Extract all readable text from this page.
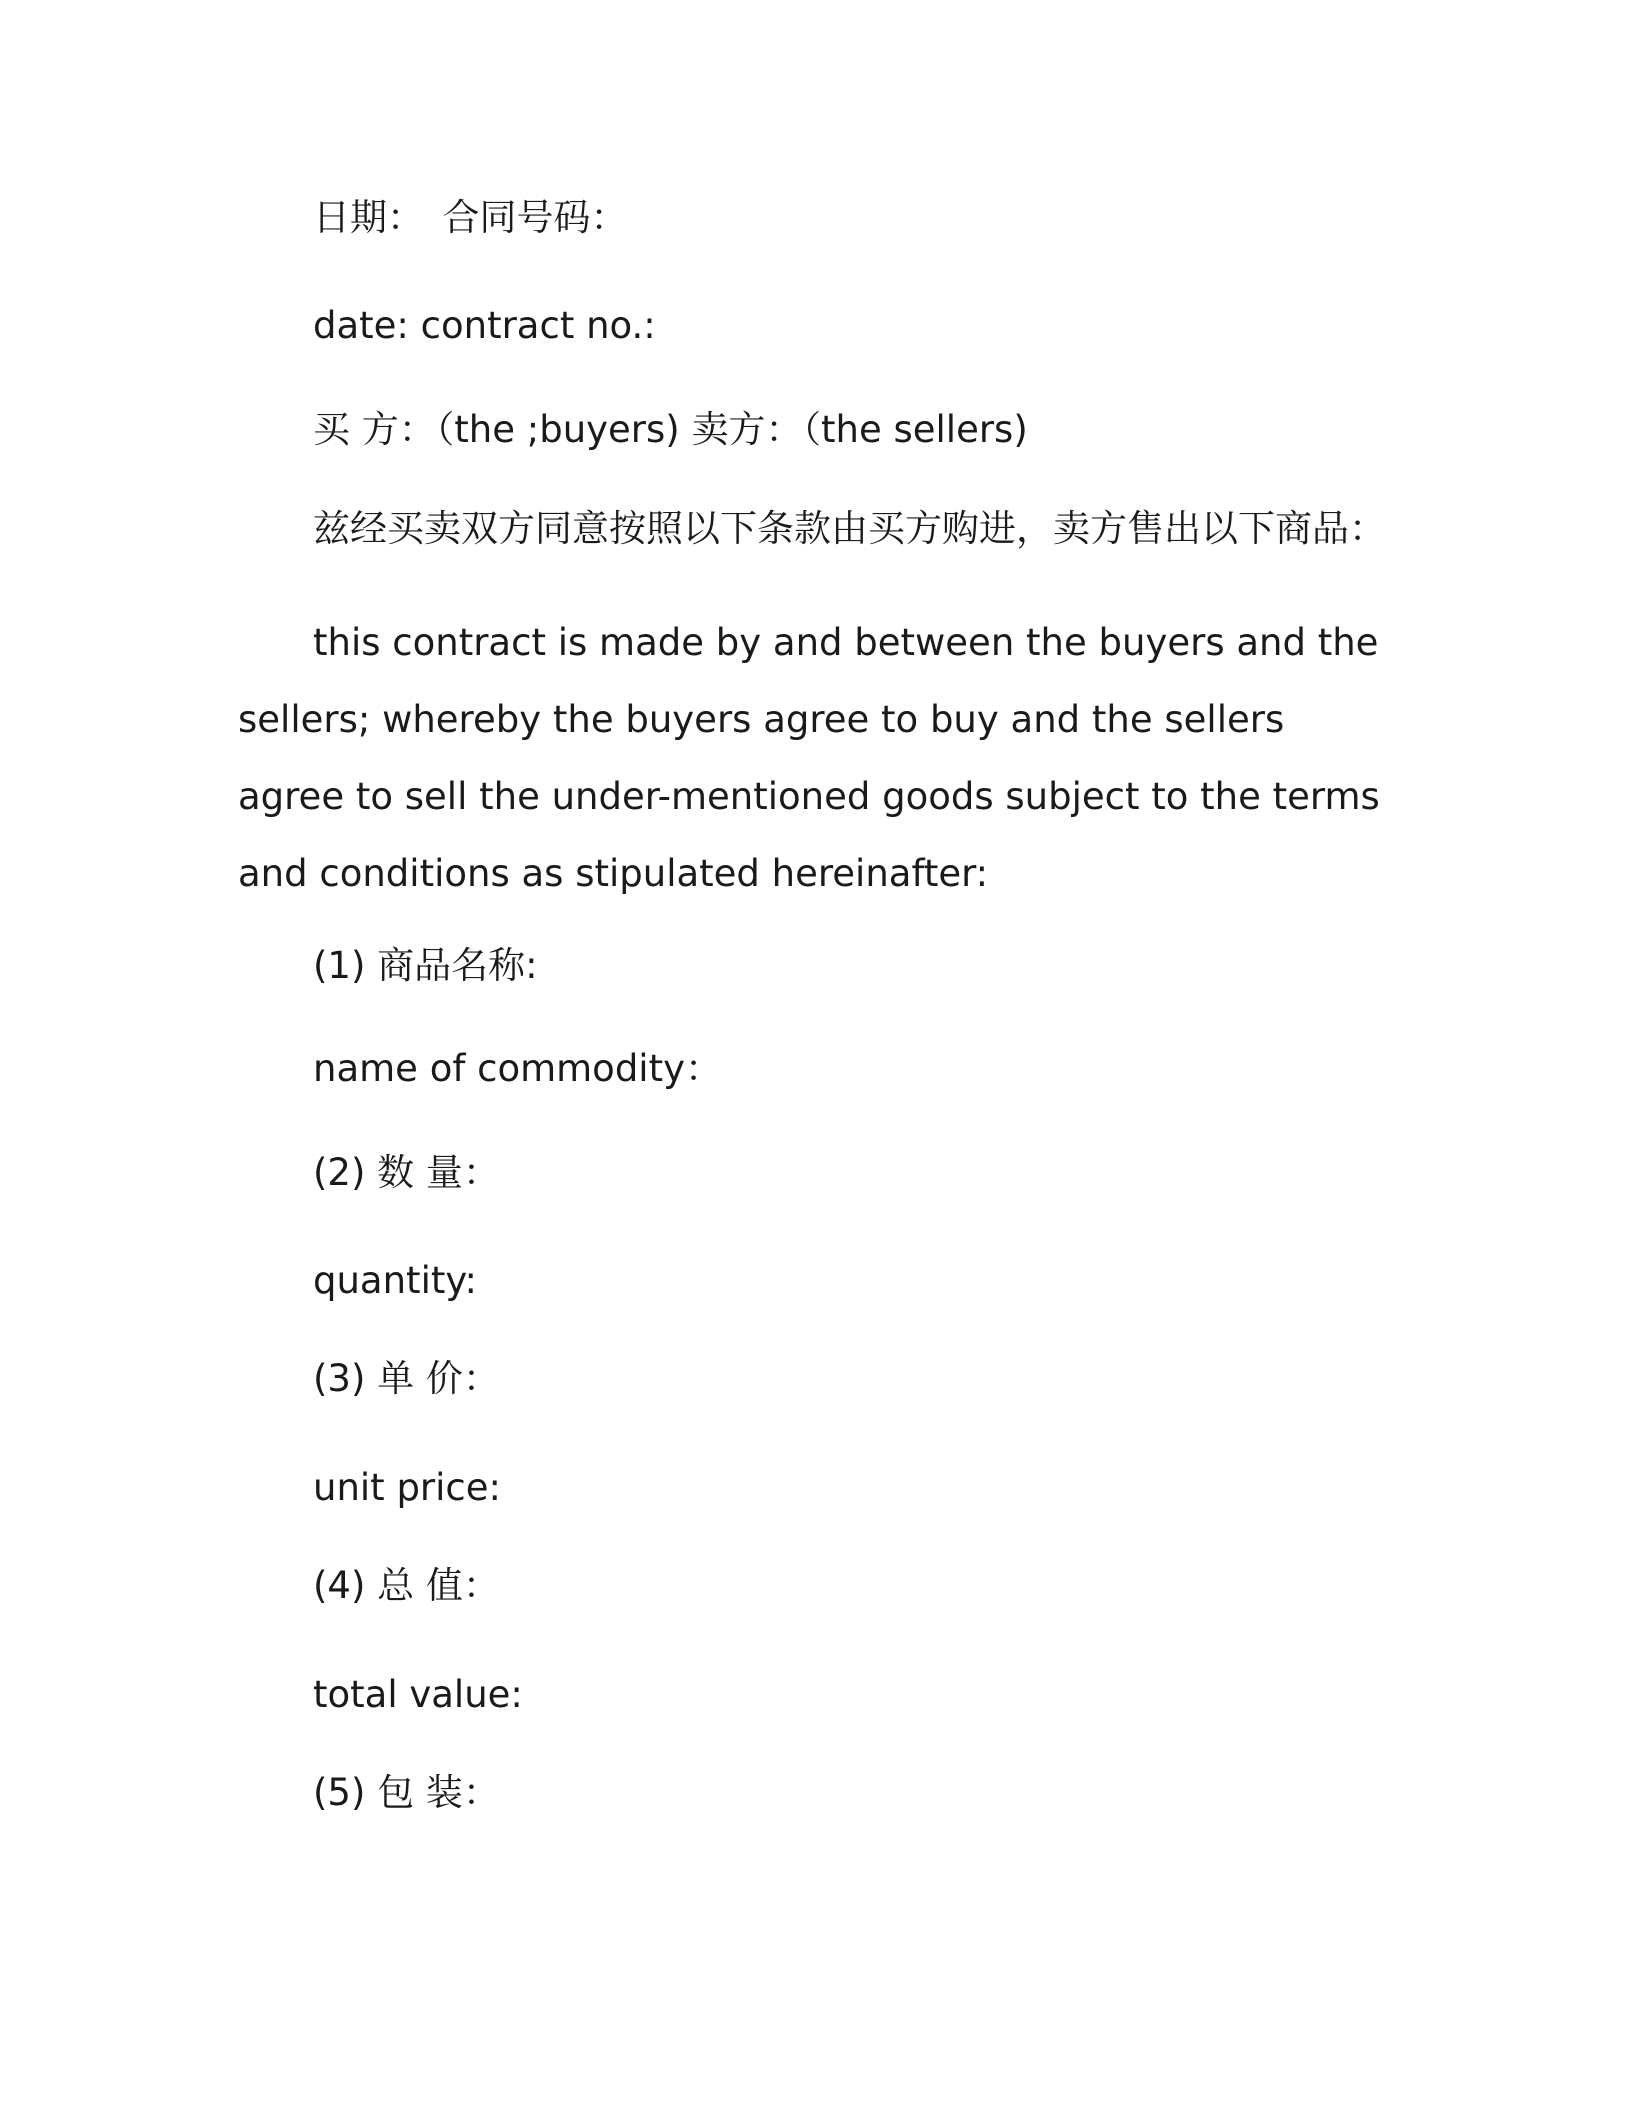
日期：　合同号码：
date: contract no.:
买 方：（the ;buyers) 卖方：（the sellers)
兹经买卖双方同意按照以下条款由买方购进，卖方售出以下商品：

this contract is made by and between the buyers and the sellers; whereby the buyers agree to buy and the sellers agree to sell the under-mentioned goods subject to the terms and conditions as stipulated hereinafter:

(1) 商品名称:
name of commodity：
(2) 数 量：
quantity:
(3) 单 价：
unit price:
(4) 总 值：
total value:
(5) 包 装：
